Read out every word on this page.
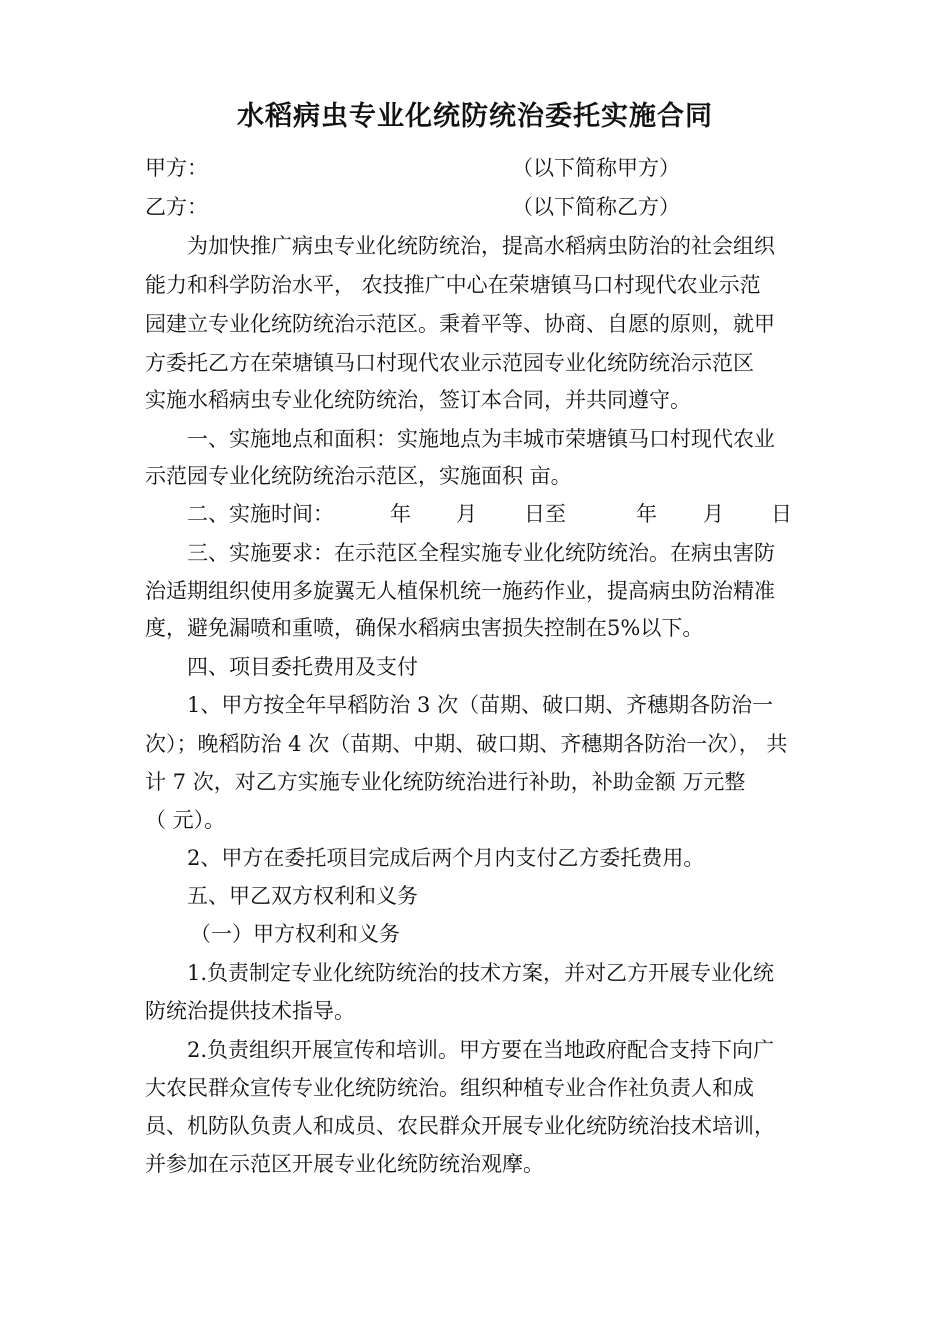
水稻病虫专业化统防统治委托实施合同
甲方：	（以下简称甲方）
乙方：	（以下简称乙方）
为加快推广病虫专业化统防统治，提高水稻病虫防治的社会组织
能力和科学防治水平， 农技推广中心在荣塘镇马口村现代农业示范
园建立专业化统防统治示范区。秉着平等、协商、自愿的原则，就甲
方委托乙方在荣塘镇马口村现代农业示范园专业化统防统治示范区
实施水稻病虫专业化统防统治，签订本合同，并共同遵守。
一、实施地点和面积：实施地点为丰城市荣塘镇马口村现代农业
示范园专业化统防统治示范区，实施面积 亩。
二、实施时间：	年 月 日至	年 月 日
三、实施要求：在示范区全程实施专业化统防统治。在病虫害防
治适期组织使用多旋翼无人植保机统一施药作业，提高病虫防治精准
度，避免漏喷和重喷，确保水稻病虫害损失控制在5%以下。
四、项目委托费用及支付
1、甲方按全年早稻防治 3 次（苗期、破口期、齐穗期各防治一
次）；晚稻防治 4 次（苗期、中期、破口期、齐穗期各防治一次）， 共
计 7 次，对乙方实施专业化统防统治进行补助，补助金额 万元整
（ 元）。
2、甲方在委托项目完成后两个月内支付乙方委托费用。
五、甲乙双方权利和义务
（一）甲方权利和义务
1.负责制定专业化统防统治的技术方案，并对乙方开展专业化统
防统治提供技术指导。
2.负责组织开展宣传和培训。甲方要在当地政府配合支持下向广
大农民群众宣传专业化统防统治。组织种植专业合作社负责人和成
员、机防队负责人和成员、农民群众开展专业化统防统治技术培训，
并参加在示范区开展专业化统防统治观摩。
